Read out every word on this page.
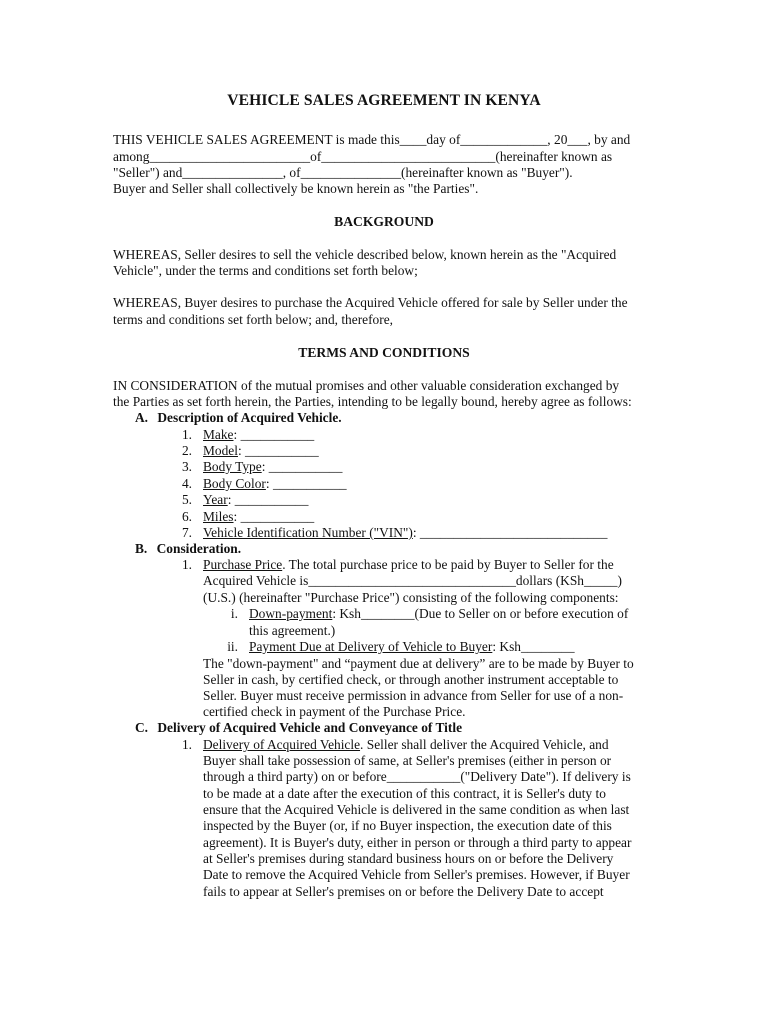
VEHICLE SALES AGREEMENT IN KENYA
THIS VEHICLE SALES AGREEMENT is made this____day of_____________, 20___, by and
among________________________of__________________________(hereinafter known as
"Seller") and_______________, of_______________(hereinafter known as "Buyer").
Buyer and Seller shall collectively be known herein as "the Parties".
BACKGROUND
WHEREAS, Seller desires to sell the vehicle described below, known herein as the "Acquired
Vehicle", under the terms and conditions set forth below;
WHEREAS, Buyer desires to purchase the Acquired Vehicle offered for sale by Seller under the
terms and conditions set forth below; and, therefore,
TERMS AND CONDITIONS
IN CONSIDERATION of the mutual promises and other valuable consideration exchanged by
the Parties as set forth herein, the Parties, intending to be legally bound, hereby agree as follows:
A. Description of Acquired Vehicle.
1. Make: ___________
2. Model: ___________
3. Body Type: ___________
4. Body Color: ___________
5. Year: ___________
6. Miles: ___________
7. Vehicle Identification Number ("VIN"): ____________________________
B. Consideration.
1. Purchase Price. The total purchase price to be paid by Buyer to Seller for the
Acquired Vehicle is_______________________________dollars (KSh_____)
(U.S.) (hereinafter "Purchase Price") consisting of the following components:
i. Down-payment: Ksh________(Due to Seller on or before execution of
this agreement.)
ii. Payment Due at Delivery of Vehicle to Buyer: Ksh________
The "down-payment" and “payment due at delivery” are to be made by Buyer to
Seller in cash, by certified check, or through another instrument acceptable to
Seller. Buyer must receive permission in advance from Seller for use of a non-
certified check in payment of the Purchase Price.
C. Delivery of Acquired Vehicle and Conveyance of Title
1. Delivery of Acquired Vehicle. Seller shall deliver the Acquired Vehicle, and
Buyer shall take possession of same, at Seller's premises (either in person or
through a third party) on or before___________("Delivery Date"). If delivery is
to be made at a date after the execution of this contract, it is Seller's duty to
ensure that the Acquired Vehicle is delivered in the same condition as when last
inspected by the Buyer (or, if no Buyer inspection, the execution date of this
agreement). It is Buyer's duty, either in person or through a third party to appear
at Seller's premises during standard business hours on or before the Delivery
Date to remove the Acquired Vehicle from Seller's premises. However, if Buyer
fails to appear at Seller's premises on or before the Delivery Date to accept
